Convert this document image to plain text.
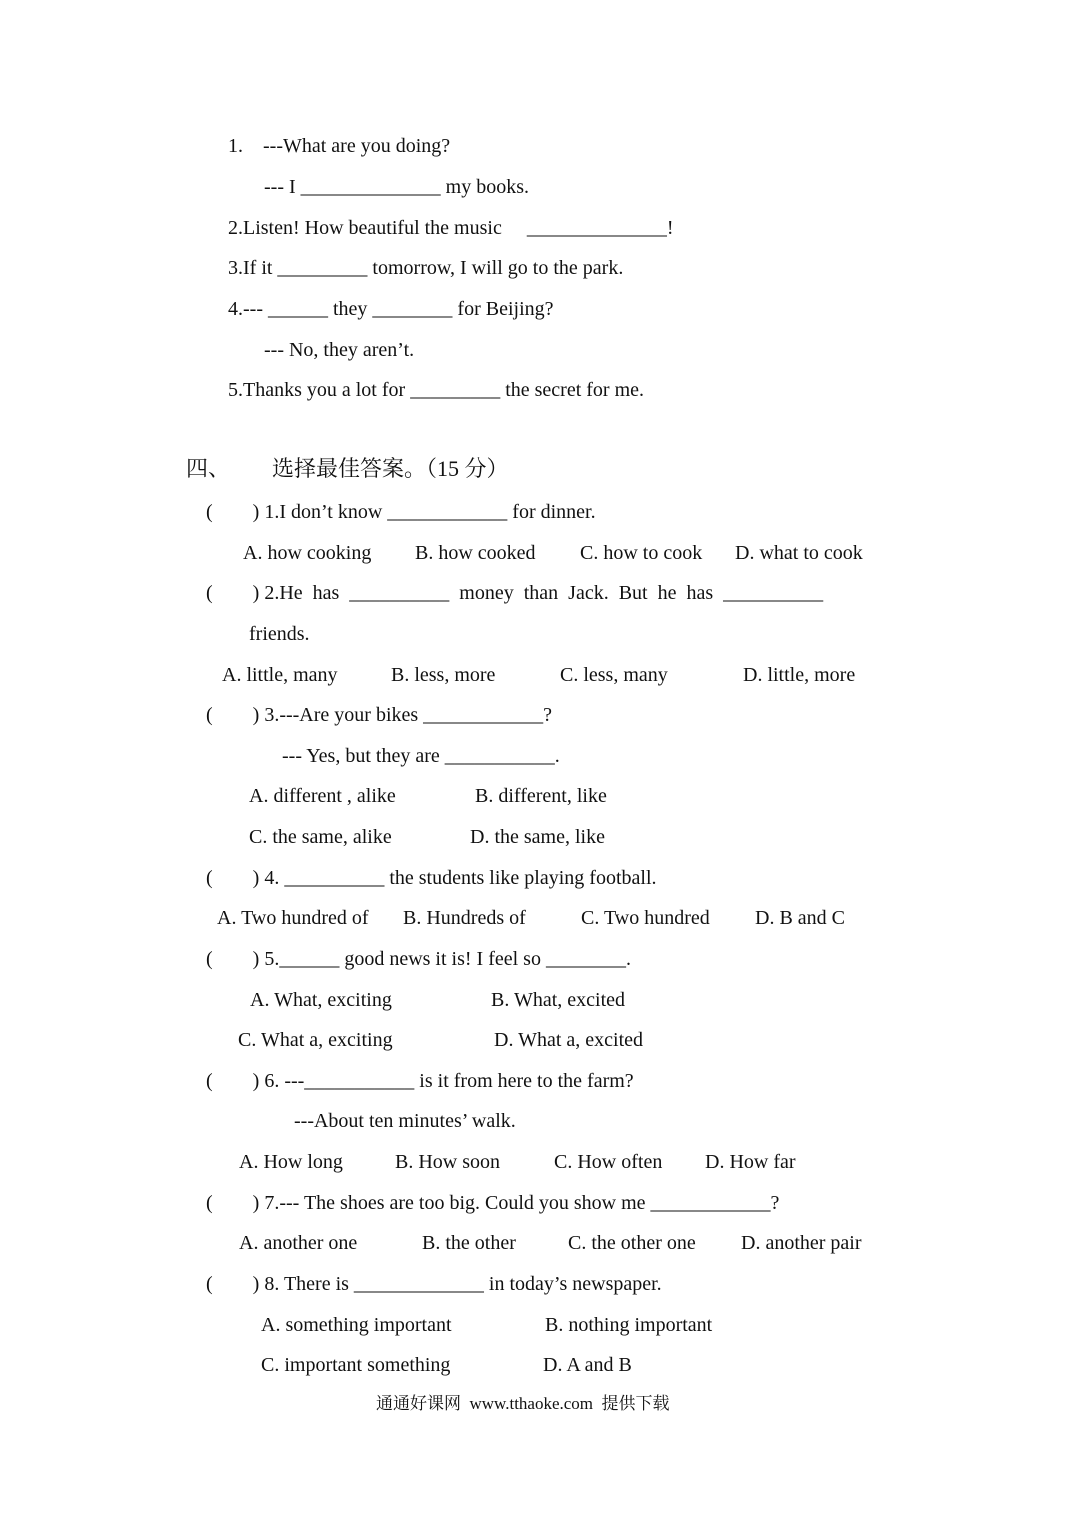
1.    ---What are you doing?
--- I ______________ my books.
2.Listen! How beautiful the music     ______________!
3.If it _________ tomorrow, I will go to the park.
4.--- ______ they ________ for Beijing?
--- No, they aren’t.
5.Thanks you a lot for _________ the secret for me.
四、 选择最佳答案。（15 分）
(        ) 1.I don’t know ____________ for dinner.
A. how cooking B. how cooked C. how to cook D. what to cook
(        ) 2.He  has  __________  money  than  Jack.  But  he  has  __________
friends.
A. little, many	B. less, more	C. less, many	D. little, more
(        ) 3.---Are your bikes ____________?
--- Yes, but they are ___________.
A. different , alike	B. different, like
C. the same, alike	D. the same, like
(        ) 4. __________ the students like playing football.
A. Two hundred of B. Hundreds of	C. Two hundred D. B and C
(        ) 5.______ good news it is! I feel so ________.
A. What, exciting	B. What, excited
C. What a, exciting	D. What a, excited
(        ) 6. ---___________ is it from here to the farm?
---About ten minutes’ walk.
A. How long	B. How soon	C. How often D. How far
(        ) 7.--- The shoes are too big. Could you show me ____________?
A. another one	B. the other	C. the other one D. another pair
(        ) 8. There is _____________ in today’s newspaper.
A. something important	B. nothing important
C. important something	D. A and B
通通好课网  www.tthaoke.com  提供下载
